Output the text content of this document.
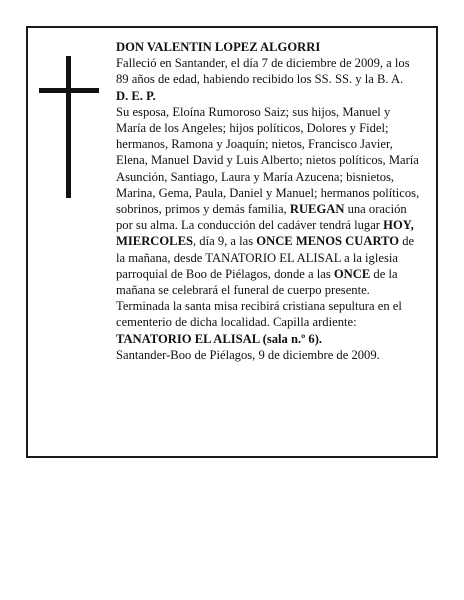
DON VALENTIN LOPEZ ALGORRI

Falleció en Santander, el día 7 de diciembre de 2009, a los 89 años de edad, habiendo recibido los SS. SS. y la B. A.

D. E. P.

Su esposa, Eloína Rumoroso Saiz; sus hijos, Manuel y María de los Angeles; hijos políticos, Dolores y Fidel; hermanos, Ramona y Joaquín; nietos, Francisco Javier, Elena, Manuel David y Luis Alberto; nietos políticos, María Asunción, Santiago, Laura y María Azucena; bisnietos, Marina, Gema, Paula, Daniel y Manuel; hermanos políticos, sobrinos, primos y demás familia, RUEGAN una oración por su alma. La conducción del cadáver tendrá lugar HOY, MIERCOLES, día 9, a las ONCE MENOS CUARTO de la mañana, desde TANATORIO EL ALISAL a la iglesia parroquial de Boo de Piélagos, donde a las ONCE de la mañana se celebrará el funeral de cuerpo presente. Terminada la santa misa recibirá cristiana sepultura en el cementerio de dicha localidad. Capilla ardiente: TANATORIO EL ALISAL (sala n.º 6).

Santander-Boo de Piélagos, 9 de diciembre de 2009.
